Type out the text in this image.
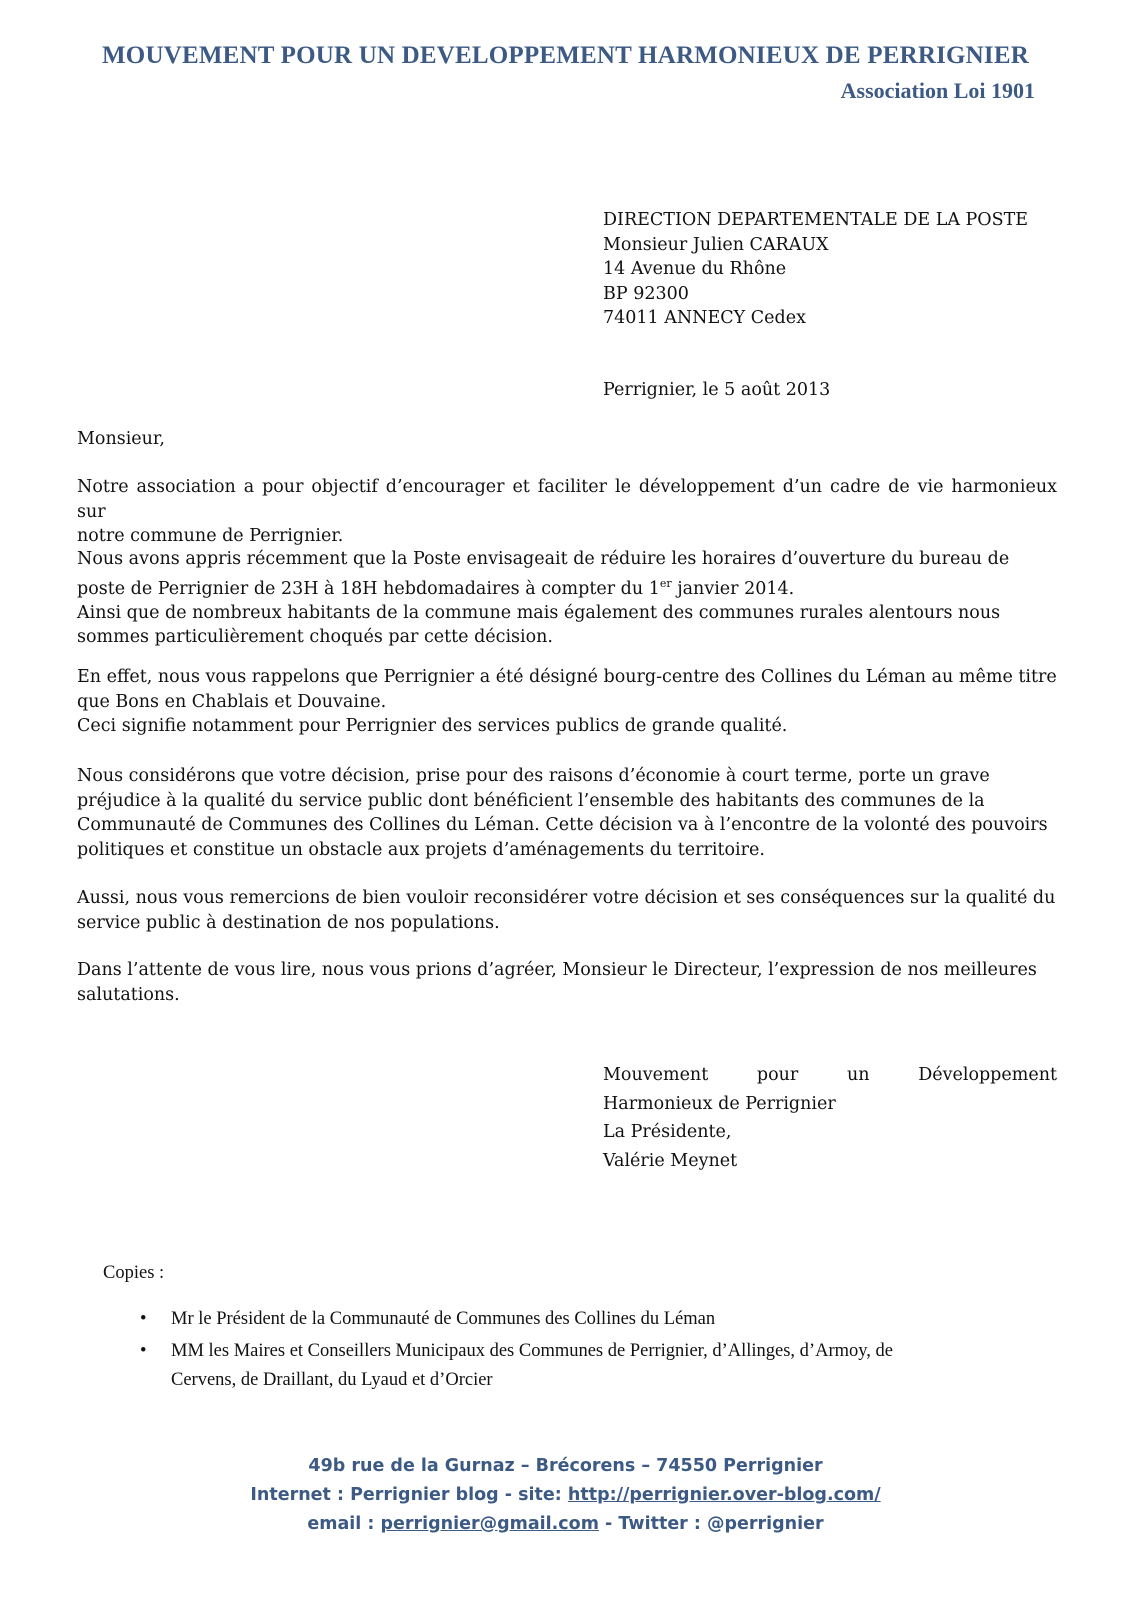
MOUVEMENT POUR UN DEVELOPPEMENT HARMONIEUX DE PERRIGNIER
Association Loi 1901
DIRECTION DEPARTEMENTALE DE LA POSTE
Monsieur Julien CARAUX
14 Avenue du Rhône
BP 92300
74011 ANNECY Cedex
Perrignier, le 5 août 2013
Monsieur,
Notre association a pour objectif d’encourager et faciliter le développement d’un cadre de vie harmonieux sur
notre commune de Perrignier.
Nous avons appris récemment que la Poste envisageait de réduire les horaires d’ouverture du bureau de
poste de Perrignier de 23H à 18H hebdomadaires à compter du 1er janvier 2014.
Ainsi que de nombreux habitants de la commune mais également des communes rurales alentours nous
sommes particulièrement choqués par cette décision.
En effet, nous vous rappelons que Perrignier a été désigné bourg-centre des Collines du Léman au même titre
que Bons en Chablais et Douvaine.
Ceci signifie notamment pour Perrignier des services publics de grande qualité.
Nous considérons que votre décision, prise pour des raisons d’économie à court terme, porte un grave
préjudice à la qualité du service public dont bénéficient l’ensemble des habitants des communes de la
Communauté de Communes des Collines du Léman. Cette décision va à l’encontre de la volonté des pouvoirs
politiques et constitue un obstacle aux projets d’aménagements du territoire.
Aussi, nous vous remercions de bien vouloir reconsidérer votre décision et ses conséquences sur la qualité du
service public à destination de nos populations.
Dans l’attente de vous lire, nous vous prions d’agréer, Monsieur le Directeur, l’expression de nos meilleures
salutations.
Mouvement	pour	un	Développement
Harmonieux de Perrignier
La Présidente,
Valérie Meynet
Copies :
• Mr le Président de la Communauté de Communes des Collines du Léman
• MM les Maires et Conseillers Municipaux des Communes de Perrignier, d’Allinges, d’Armoy, de
Cervens, de Draillant, du Lyaud et d’Orcier
49b rue de la Gurnaz – Brécorens – 74550 Perrignier
Internet : Perrignier blog - site: http://perrignier.over-blog.com/
email : perrignier@gmail.com - Twitter : @perrignier
